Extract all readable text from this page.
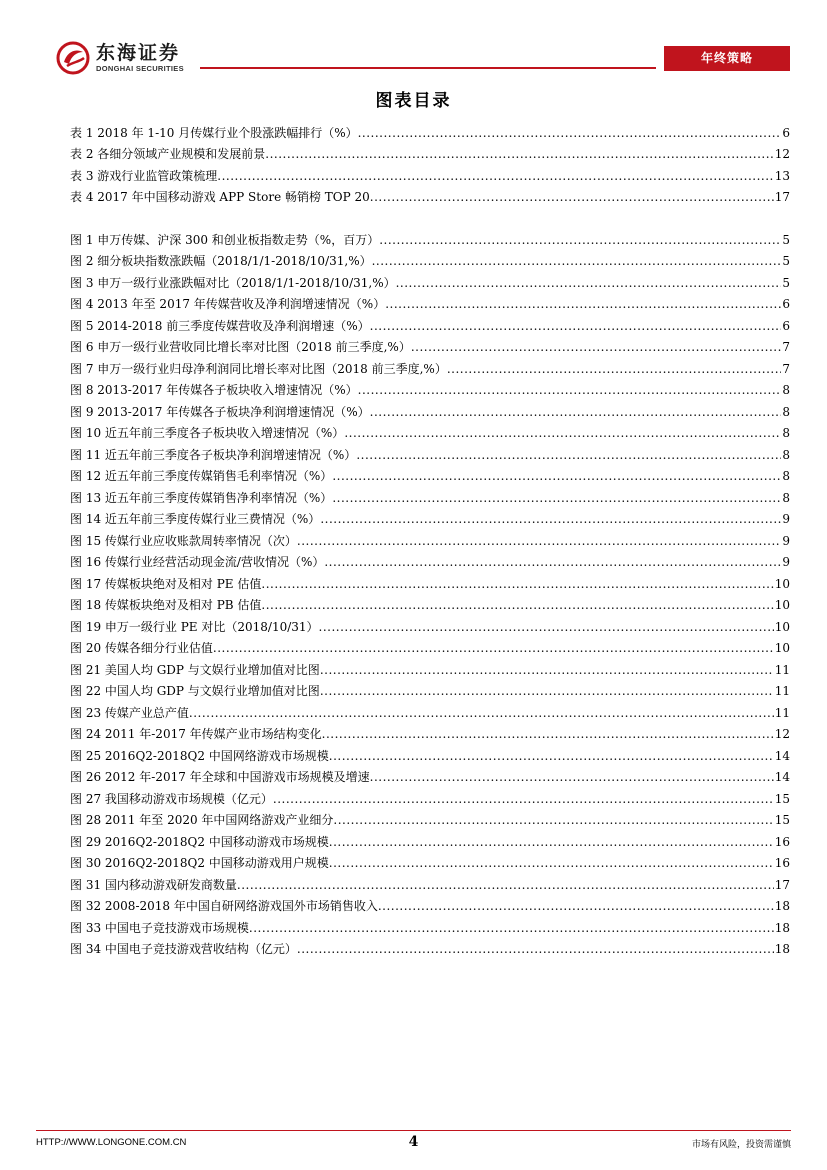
东海证券
DONGHAI SECURITIES
年终策略
图表目录
表 1 2018 年 1-10 月传媒行业个股涨跌幅排行（%） .....	6
表 2 各细分领域产业规模和发展前景 .....	12
表 3 游戏行业监管政策梳理 .....	13
表 4 2017 年中国移动游戏 APP Store 畅销榜 TOP 20 .....	17
图 1 申万传媒、沪深 300 和创业板指数走势（%，百万） .....	5
图 2 细分板块指数涨跌幅（2018/1/1-2018/10/31,%） .....	5
图 3 申万一级行业涨跌幅对比（2018/1/1-2018/10/31,%） .....	5
图 4 2013 年至 2017 年传媒营收及净利润增速情况（%） .....	6
图 5 2014-2018 前三季度传媒营收及净利润增速（%） .....	6
图 6 申万一级行业营收同比增长率对比图（2018 前三季度,%） .....	7
图 7 申万一级行业归母净利润同比增长率对比图（2018 前三季度,%） .....	7
图 8 2013-2017 年传媒各子板块收入增速情况（%） .....	8
图 9 2013-2017 年传媒各子板块净利润增速情况（%） .....	8
图 10 近五年前三季度各子板块收入增速情况（%） .....	8
图 11 近五年前三季度各子板块净利润增速情况（%） .....	8
图 12 近五年前三季度传媒销售毛利率情况（%） .....	8
图 13 近五年前三季度传媒销售净利率情况（%） .....	8
图 14 近五年前三季度传媒行业三费情况（%） .....	9
图 15 传媒行业应收账款周转率情况（次） .....	9
图 16 传媒行业经营活动现金流/营收情况（%） .....	9
图 17 传媒板块绝对及相对 PE 估值 .....	10
图 18 传媒板块绝对及相对 PB 估值 .....	10
图 19 申万一级行业 PE 对比（2018/10/31） .....	10
图 20 传媒各细分行业估值 .....	10
图 21 美国人均 GDP 与文娱行业增加值对比图 .....	11
图 22 中国人均 GDP 与文娱行业增加值对比图 .....	11
图 23 传媒产业总产值 .....	11
图 24 2011 年-2017 年传媒产业市场结构变化 .....	12
图 25 2016Q2-2018Q2 中国网络游戏市场规模 .....	14
图 26 2012 年-2017 年全球和中国游戏市场规模及增速 .....	14
图 27 我国移动游戏市场规模（亿元） .....	15
图 28 2011 年至 2020 年中国网络游戏产业细分 .....	15
图 29 2016Q2-2018Q2 中国移动游戏市场规模 .....	16
图 30 2016Q2-2018Q2 中国移动游戏用户规模 .....	16
图 31 国内移动游戏研发商数量 .....	17
图 32 2008-2018 年中国自研网络游戏国外市场销售收入 .....	18
图 33 中国电子竞技游戏市场规模 .....	18
图 34 中国电子竞技游戏营收结构（亿元） .....	18
HTTP://WWW.LONGONE.COM.CN	4	市场有风险，投资需谨慎
